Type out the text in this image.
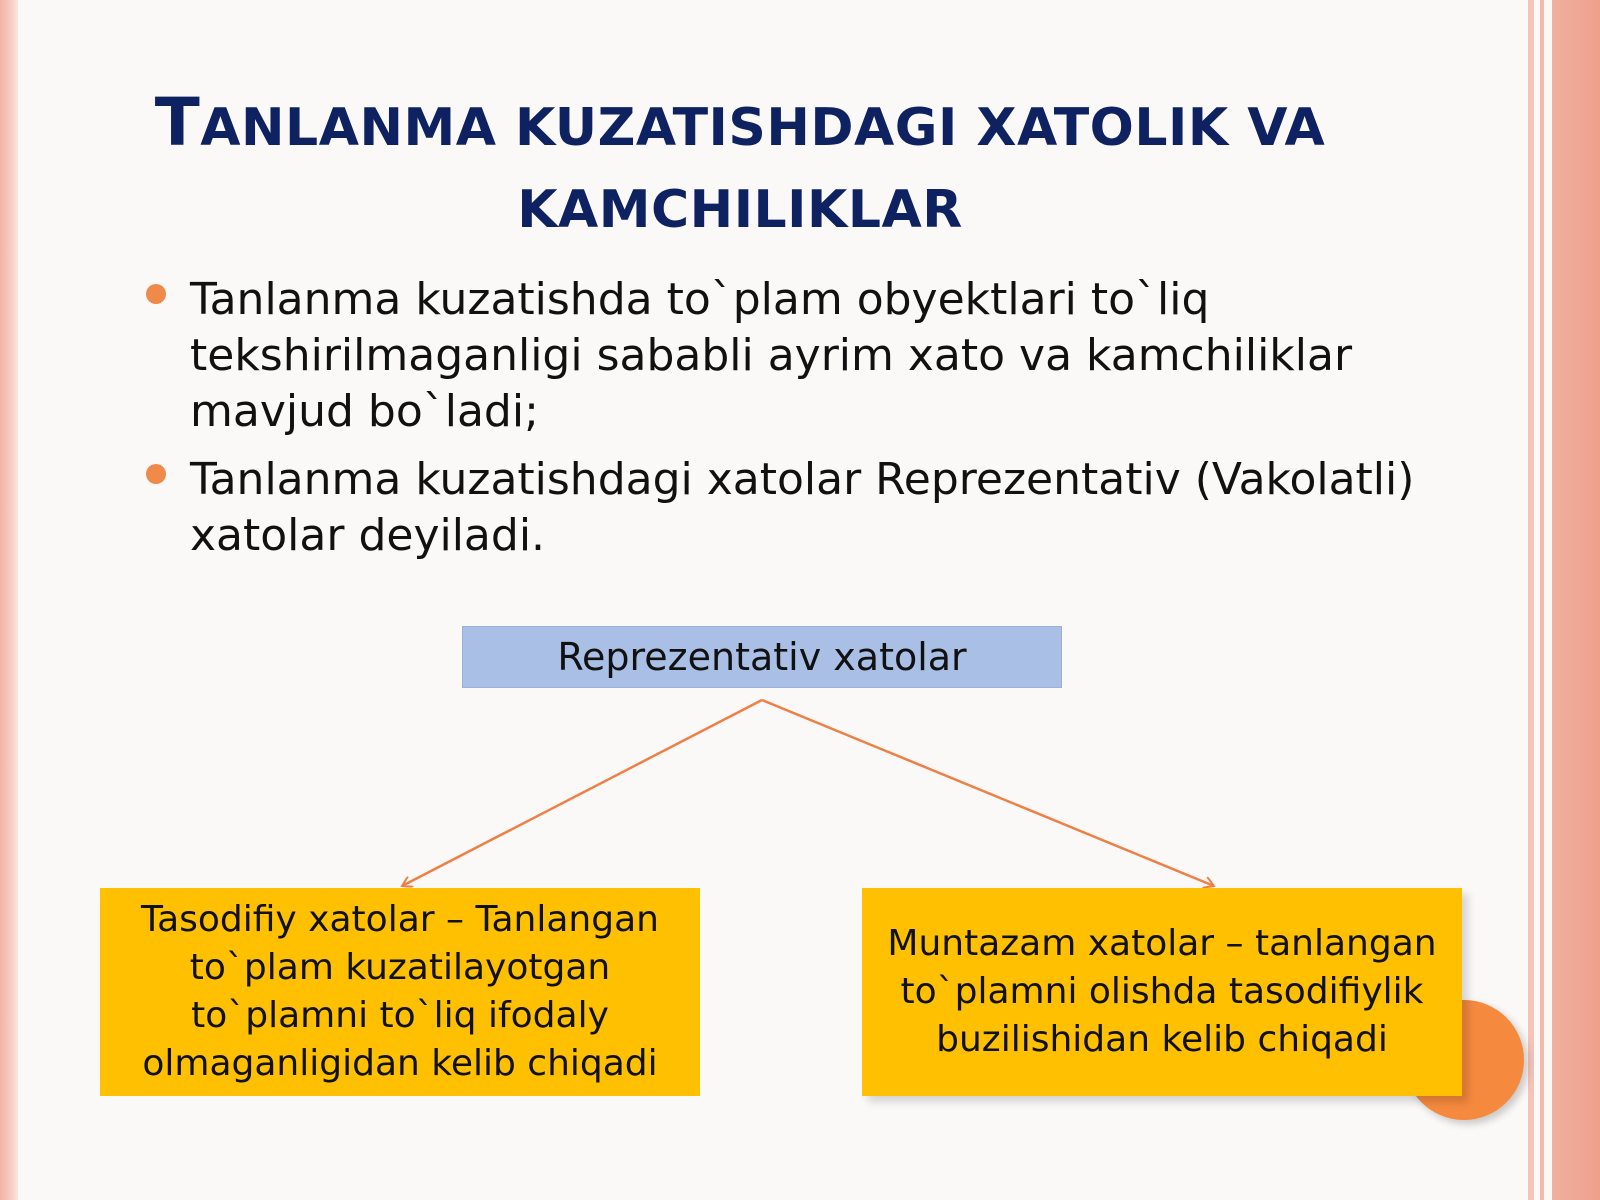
TANLANMA KUZATISHDAGI XATOLIK VA
KAMCHILIKLAR
Tanlanma kuzatishda to`plam obyektlari to`liq tekshirilmaganligi sababli ayrim xato va kamchiliklar mavjud bo`ladi;
Tanlanma kuzatishdagi xatolar Reprezentativ (Vakolatli) xatolar deyiladi.
Reprezentativ xatolar
Tasodifiy xatolar – Tanlangan to`plam kuzatilayotgan to`plamni to`liq ifodaly olmaganligidan kelib chiqadi
Muntazam xatolar – tanlangan to`plamni olishda tasodifiylik buzilishidan kelib chiqadi
